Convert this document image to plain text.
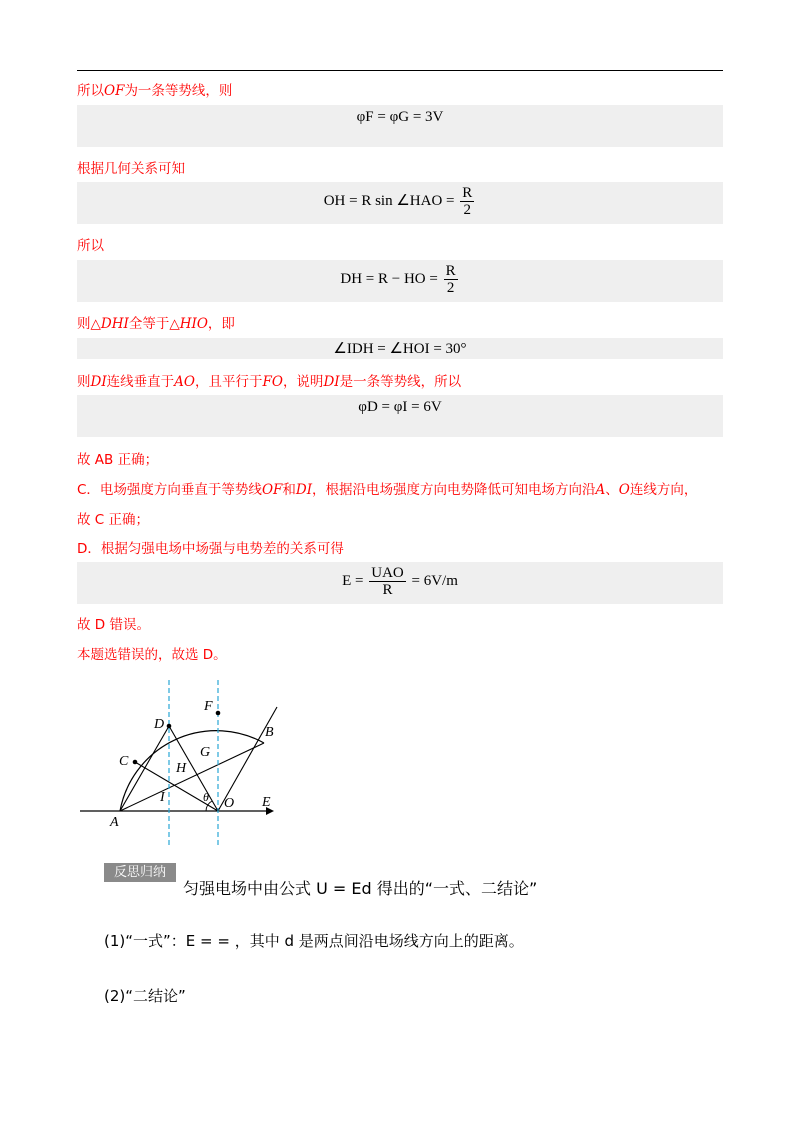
所以OF为一条等势线，则
φF = φG = 3V
根据几何关系可知
OH = R sin ∠HAO = $\frac{R}{2}$
所以
DH = R − HO = $\frac{R}{2}$
则△DHI全等于△HIO，即
∠IDH = ∠HOI = 30°
则DI连线垂直于AO，且平行于FO，说明DI是一条等势线，所以
φD = φI = 6V
故 AB 正确；
C．电场强度方向垂直于等势线OF和DI，根据沿电场强度方向电势降低可知电场方向沿A、O连线方向，
故 C 正确；
D．根据匀强电场中场强与电势差的关系可得
$E = \frac{\text{UAO}}{R} = 6V/m$
故 D 错误。
本题选错误的，故选 D。
A
B
C
D
F
G
H
I	O E
θ
反思归纳
匀强电场中由公式 U = Ed 得出的“一式、二结论”
(1)“一式”：E = = ，其中 d 是两点间沿电场线方向上的距离。
(2)“二结论”
